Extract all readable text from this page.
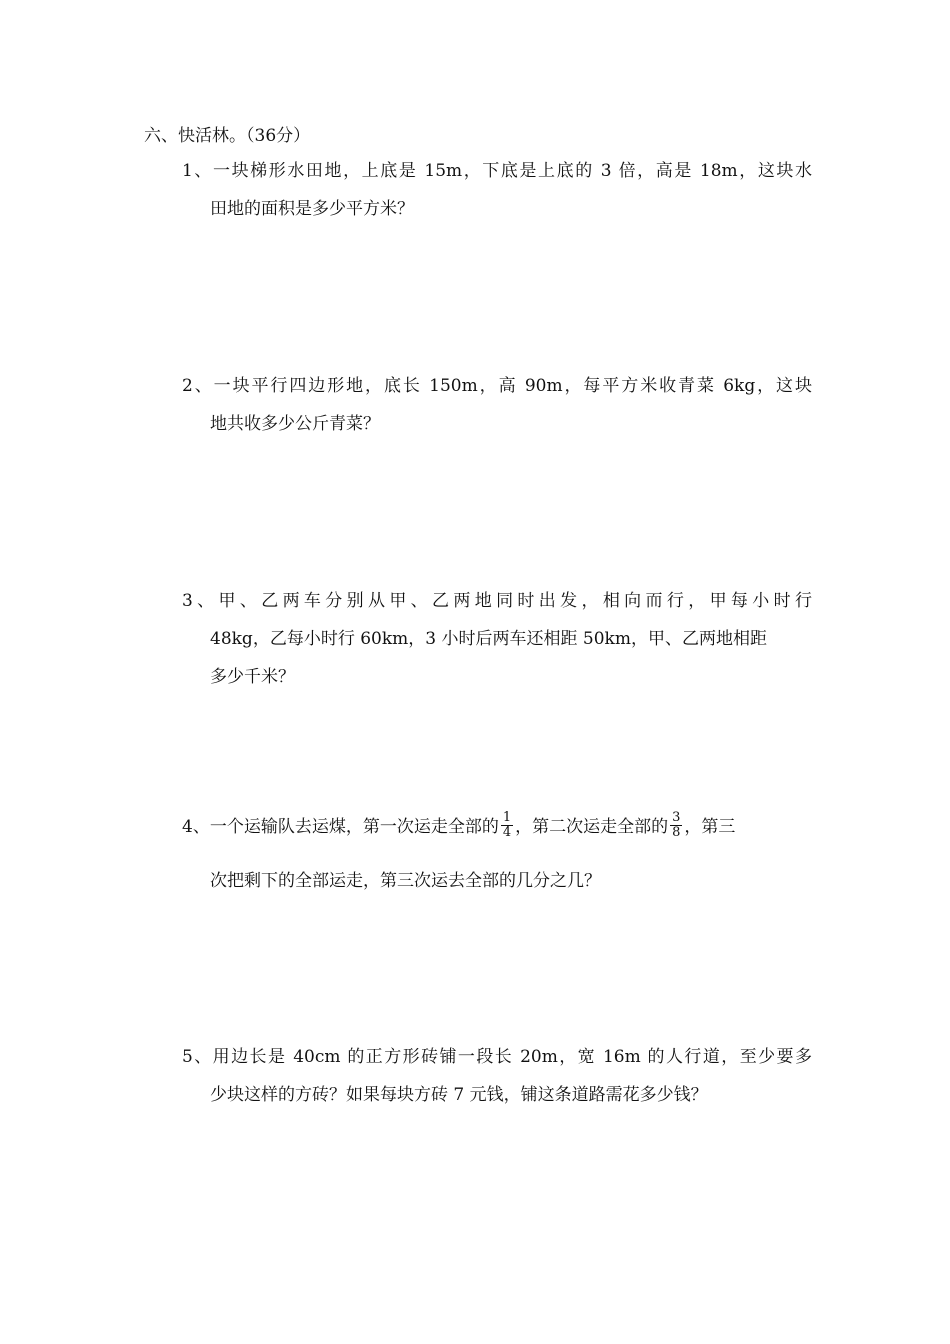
六、快活林。（36分）
1、一块梯形水田地，上底是 15m，下底是上底的 3 倍，高是 18m，这块水
田地的面积是多少平方米？
2、一块平行四边形地，底长 150m，高 90m，每平方米收青菜 6kg，这块
地共收多少公斤青菜？
3、甲、乙两车分别从甲、乙两地同时出发，相向而行，甲每小时行
48kg，乙每小时行 60km，3 小时后两车还相距 50km，甲、乙两地相距
多少千米？
4、一个运输队去运煤，第一次运走全部的 $\frac{1}{4}$ ，第二次运走全部的 $\frac{3}{8}$ ，第三
次把剩下的全部运走，第三次运去全部的几分之几？
5、用边长是 40cm 的正方形砖铺一段长 20m，宽 16m 的人行道，至少要多
少块这样的方砖？如果每块方砖 7 元钱，铺这条道路需花多少钱？
